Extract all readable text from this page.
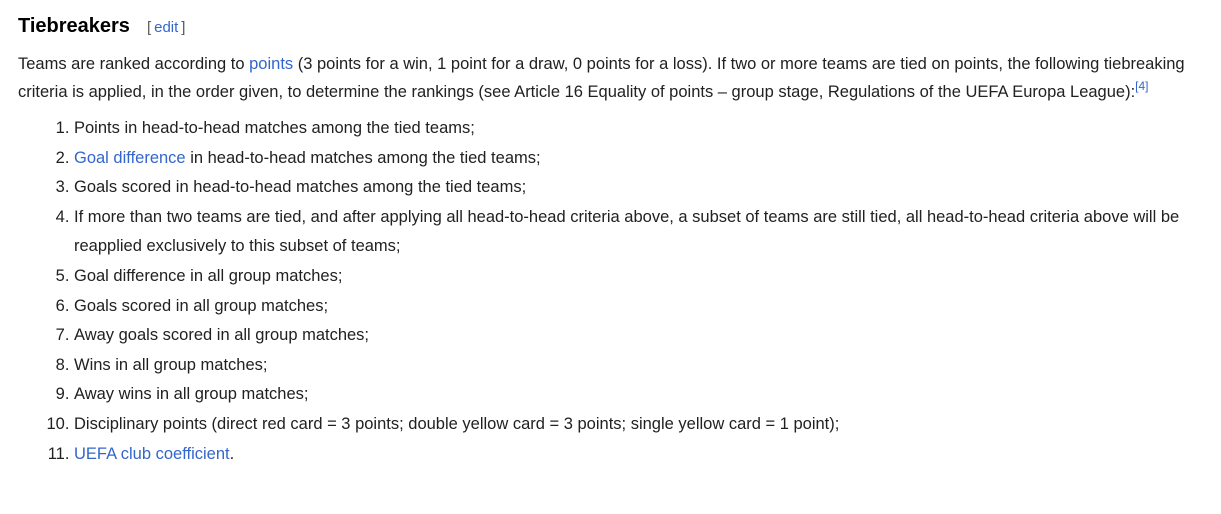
Tiebreakers [ edit ]

Teams are ranked according to points (3 points for a win, 1 point for a draw, 0 points for a loss). If two or more teams are tied on points, the following tiebreaking criteria is applied, in the order given, to determine the rankings (see Article 16 Equality of points – group stage, Regulations of the UEFA Europa League):[4]

1. Points in head-to-head matches among the tied teams;
2. Goal difference in head-to-head matches among the tied teams;
3. Goals scored in head-to-head matches among the tied teams;
4. If more than two teams are tied, and after applying all head-to-head criteria above, a subset of teams are still tied, all head-to-head criteria above will be reapplied exclusively to this subset of teams;
5. Goal difference in all group matches;
6. Goals scored in all group matches;
7. Away goals scored in all group matches;
8. Wins in all group matches;
9. Away wins in all group matches;
10. Disciplinary points (direct red card = 3 points; double yellow card = 3 points; single yellow card = 1 point);
11. UEFA club coefficient.
